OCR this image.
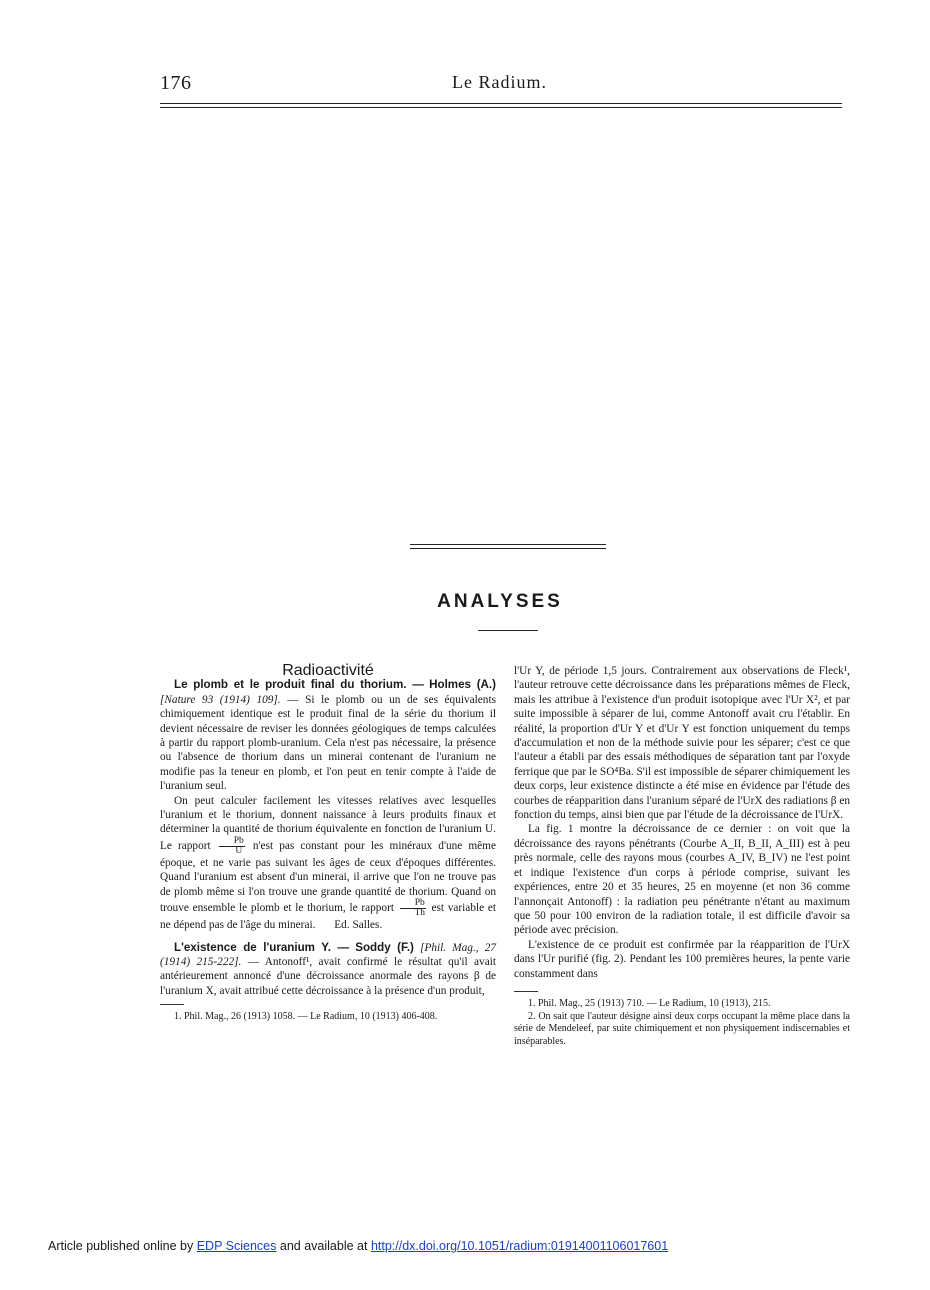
176	Le Radium.
ANALYSES

Radioactivité

Le plomb et le produit final du thorium. — Holmes (A.) [Nature 93 (1914) 109]. — Si le plomb ou un de ses équivalents chimiquement identique est le produit final de la série du thorium il devient nécessaire de reviser les données géologiques de temps calculées à partir du rapport plomb-uranium. Cela n'est pas nécessaire, la présence ou l'absence de thorium dans un minerai contenant de l'uranium ne modifie pas la teneur en plomb, et l'on peut en tenir compte à l'aide de l'uranium seul.

On peut calculer facilement les vitesses relatives avec lesquelles l'uranium et le thorium, donnent naissance à leurs produits finaux et déterminer la quantité de thorium équivalente en fonction de l'uranium U. Le rapport $\frac{Pb}{U} n'est$ pas constant pour les minéraux d'une même époque, et ne varie pas suivant les âges de ceux d'époques différentes. Quand l'uranium est absent d'un minerai, il arrive que l'on ne trouve pas de plomb même si l'on trouve une grande quantité de thorium. Quand on trouve ensemble le plomb et le thorium, le rapport $\frac{Pb}{Th}$ est variable et ne dépend pas de l'âge du minerai. Ed. Salles.

L'existence de l'uranium Y. — Soddy (F.) [Phil. Mag., 27 (1914) 215-222]. — Antonoff¹, avait confirmé le résultat qu'il avait antérieurement annoncé d'une décroissance anormale des rayons β de l'uranium X, avait attribué cette décroissance à la présence d'un produit,

1. Phil. Mag., 26 (1913) 1058. — Le Radium, 10 (1913) 406-408.

l'Ur Y, de période 1,5 jours. Contrairement aux observations de Fleck¹, l'auteur retrouve cette décroissance dans les préparations mêmes de Fleck, mais les attribue à l'existence d'un produit isotopique avec l'Ur X², et par suite impossible à séparer de lui, comme Antonoff avait cru l'établir. En réalité, la proportion d'Ur Y et d'Ur Y est fonction uniquement du temps d'accumulation et non de la méthode suivie pour les séparer; c'est ce que l'auteur a établi par des essais méthodiques de séparation tant par l'oxyde ferrique que par le SO⁴Ba. S'il est impossible de séparer chimiquement les deux corps, leur existence distincte a été mise en évidence par l'étude des courbes de réapparition dans l'uranium séparé de l'UrX des radiations β en fonction du temps, ainsi bien que par l'étude de la décroissance de l'UrX.

La fig. 1 montre la décroissance de ce dernier : on voit que la décroissance des rayons pénétrants (Courbe A_II, B_II, A_III) est à peu près normale, celle des rayons mous (courbes A_IV, B_IV) ne l'est point et indique l'existence d'un corps à période comprise, suivant les expériences, entre 20 et 35 heures, 25 en moyenne (et non 36 comme l'annonçait Antonoff) : la radiation peu pénétrante n'étant au maximum que 50 pour 100 environ de la radiation totale, il est difficile d'avoir sa période avec précision.

L'existence de ce produit est confirmée par la réapparition de l'UrX dans l'Ur purifié (fig. 2). Pendant les 100 premières heures, la pente varie constamment dans

1. Phil. Mag., 25 (1913) 710. — Le Radium, 10 (1913), 215.

2. On sait que l'auteur désigne ainsi deux corps occupant la même place dans la série de Mendeleef, par suite chimiquement et non physiquement indiscernables et inséparables.

Article published online by EDP Sciences and available at http://dx.doi.org/10.1051/radium:01914001106017601
